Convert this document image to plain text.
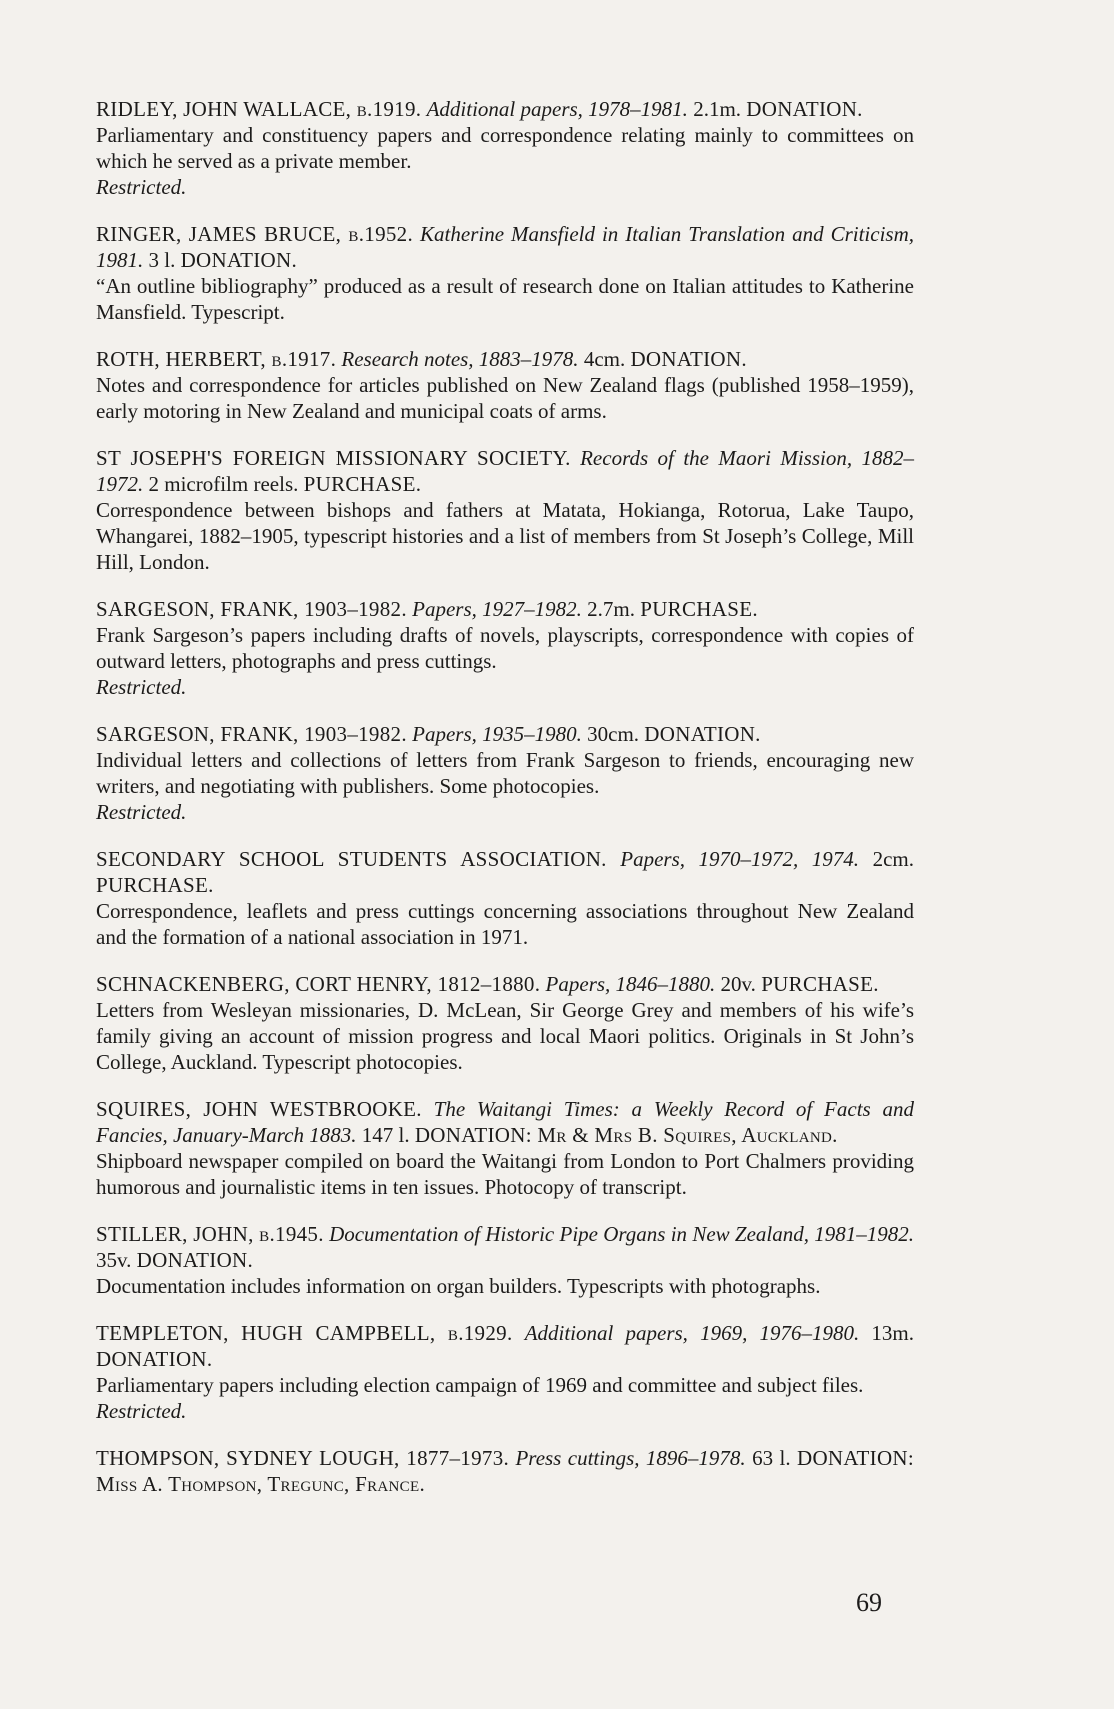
RIDLEY, JOHN WALLACE, b.1919. Additional papers, 1978–1981. 2.1m. DONATION.

Parliamentary and constituency papers and correspondence relating mainly to committees on which he served as a private member.

Restricted.

RINGER, JAMES BRUCE, b.1952. Katherine Mansfield in Italian Translation and Criticism, 1981. 3 l. DONATION.

“An outline bibliography” produced as a result of research done on Italian attitudes to Katherine Mansfield. Typescript.

ROTH, HERBERT, b.1917. Research notes, 1883–1978. 4cm. DONATION.

Notes and correspondence for articles published on New Zealand flags (published 1958–1959), early motoring in New Zealand and municipal coats of arms.

ST JOSEPH'S FOREIGN MISSIONARY SOCIETY. Records of the Maori Mission, 1882–1972. 2 microfilm reels. PURCHASE.

Correspondence between bishops and fathers at Matata, Hokianga, Rotorua, Lake Taupo, Whangarei, 1882–1905, typescript histories and a list of members from St Joseph’s College, Mill Hill, London.

SARGESON, FRANK, 1903–1982. Papers, 1927–1982. 2.7m. PURCHASE.

Frank Sargeson’s papers including drafts of novels, playscripts, correspondence with copies of outward letters, photographs and press cuttings.

Restricted.

SARGESON, FRANK, 1903–1982. Papers, 1935–1980. 30cm. DONATION.

Individual letters and collections of letters from Frank Sargeson to friends, encouraging new writers, and negotiating with publishers. Some photocopies.

Restricted.

SECONDARY SCHOOL STUDENTS ASSOCIATION. Papers, 1970–1972, 1974. 2cm. PURCHASE.

Correspondence, leaflets and press cuttings concerning associations throughout New Zealand and the formation of a national association in 1971.

SCHNACKENBERG, CORT HENRY, 1812–1880. Papers, 1846–1880. 20v. PURCHASE.

Letters from Wesleyan missionaries, D. McLean, Sir George Grey and members of his wife’s family giving an account of mission progress and local Maori politics. Originals in St John’s College, Auckland. Typescript photocopies.

SQUIRES, JOHN WESTBROOKE. The Waitangi Times: a Weekly Record of Facts and Fancies, January-March 1883. 147 l. DONATION: Mr & Mrs B. Squires, Auckland.

Shipboard newspaper compiled on board the Waitangi from London to Port Chalmers providing humorous and journalistic items in ten issues. Photocopy of transcript.

STILLER, JOHN, b.1945. Documentation of Historic Pipe Organs in New Zealand, 1981–1982. 35v. DONATION.

Documentation includes information on organ builders. Typescripts with photographs.

TEMPLETON, HUGH CAMPBELL, b.1929. Additional papers, 1969, 1976–1980. 13m. DONATION.

Parliamentary papers including election campaign of 1969 and committee and subject files.

Restricted.

THOMPSON, SYDNEY LOUGH, 1877–1973. Press cuttings, 1896–1978. 63 l. DONATION: Miss A. Thompson, Tregunc, France.

69
